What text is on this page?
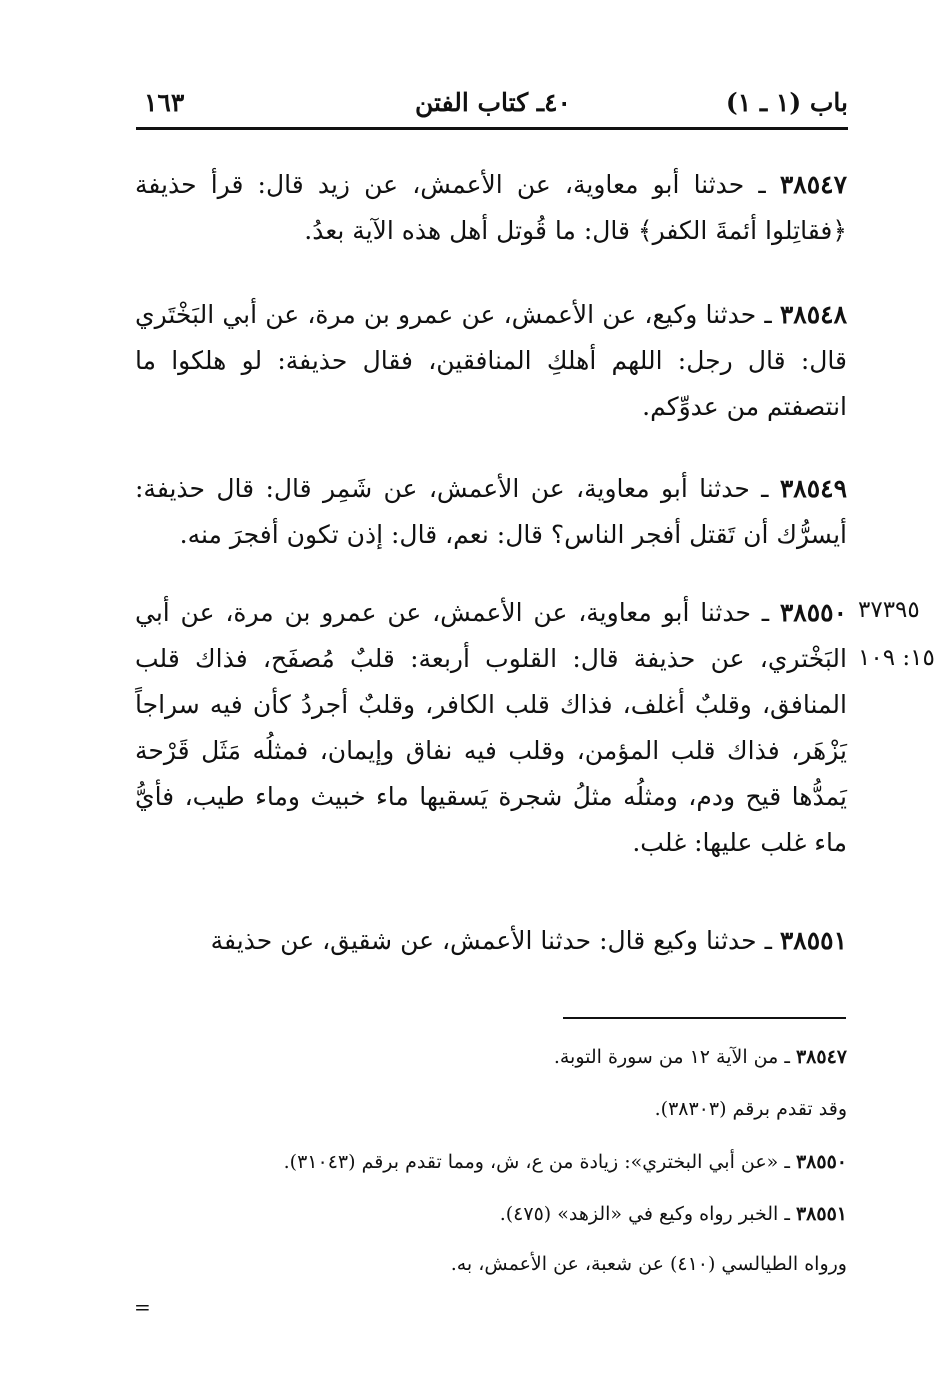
باب (١ ـ ١)
٤٠ـ كتاب الفتن
١٦٣

٣٨٥٤٧ ـ حدثنا أبو معاوية، عن الأعمش، عن زيد قال: قرأ حذيفة ﴿فقاتِلوا أئمةَ الكفر﴾ قال: ما قُوتل أهل هذه الآية بعدُ.

٣٨٥٤٨ ـ حدثنا وكيع، عن الأعمش، عن عمرو بن مرة، عن أبي البَخْتَري قال: قال رجل: اللهم أهلكِ المنافقين، فقال حذيفة: لو هلكوا ما انتصفتم من عدوِّكم.

٣٨٥٤٩ ـ حدثنا أبو معاوية، عن الأعمش، عن شَمِر قال: قال حذيفة: أيسرُّك أن تَقتل أفجر الناس؟ قال: نعم، قال: إذن تكون أفجرَ منه.

٣٨٥٥٠ ـ حدثنا أبو معاوية، عن الأعمش، عن عمرو بن مرة، عن أبي البَخْتري، عن حذيفة قال: القلوب أربعة: قلبٌ مُصفَح، فذاك قلب المنافق، وقلبٌ أغلف، فذاك قلب الكافر، وقلبٌ أجردُ كأن فيه سراجاً يَزْهَر، فذاك قلب المؤمن، وقلب فيه نفاق وإيمان، فمثلُه مَثَل قَرْحة يَمدُّها قيح ودم، ومثلُه مثلُ شجرة يَسقيها ماء خبيث وماء طيب، فأيُّ ماء غلب عليها: غلب.

٣٧٣٩٥
١٥: ١٠٩

٣٨٥٥١ ـ حدثنا وكيع قال: حدثنا الأعمش، عن شقيق، عن حذيفة

٣٨٥٤٧ ـ من الآية ١٢ من سورة التوبة.
وقد تقدم برقم (٣٨٣٠٣).
٣٨٥٥٠ ـ «عن أبي البختري»: زيادة من ع، ش، ومما تقدم برقم (٣١٠٤٣).
٣٨٥٥١ ـ الخبر رواه وكيع في «الزهد» (٤٧٥).
ورواه الطيالسي (٤١٠) عن شعبة، عن الأعمش، به.
=
